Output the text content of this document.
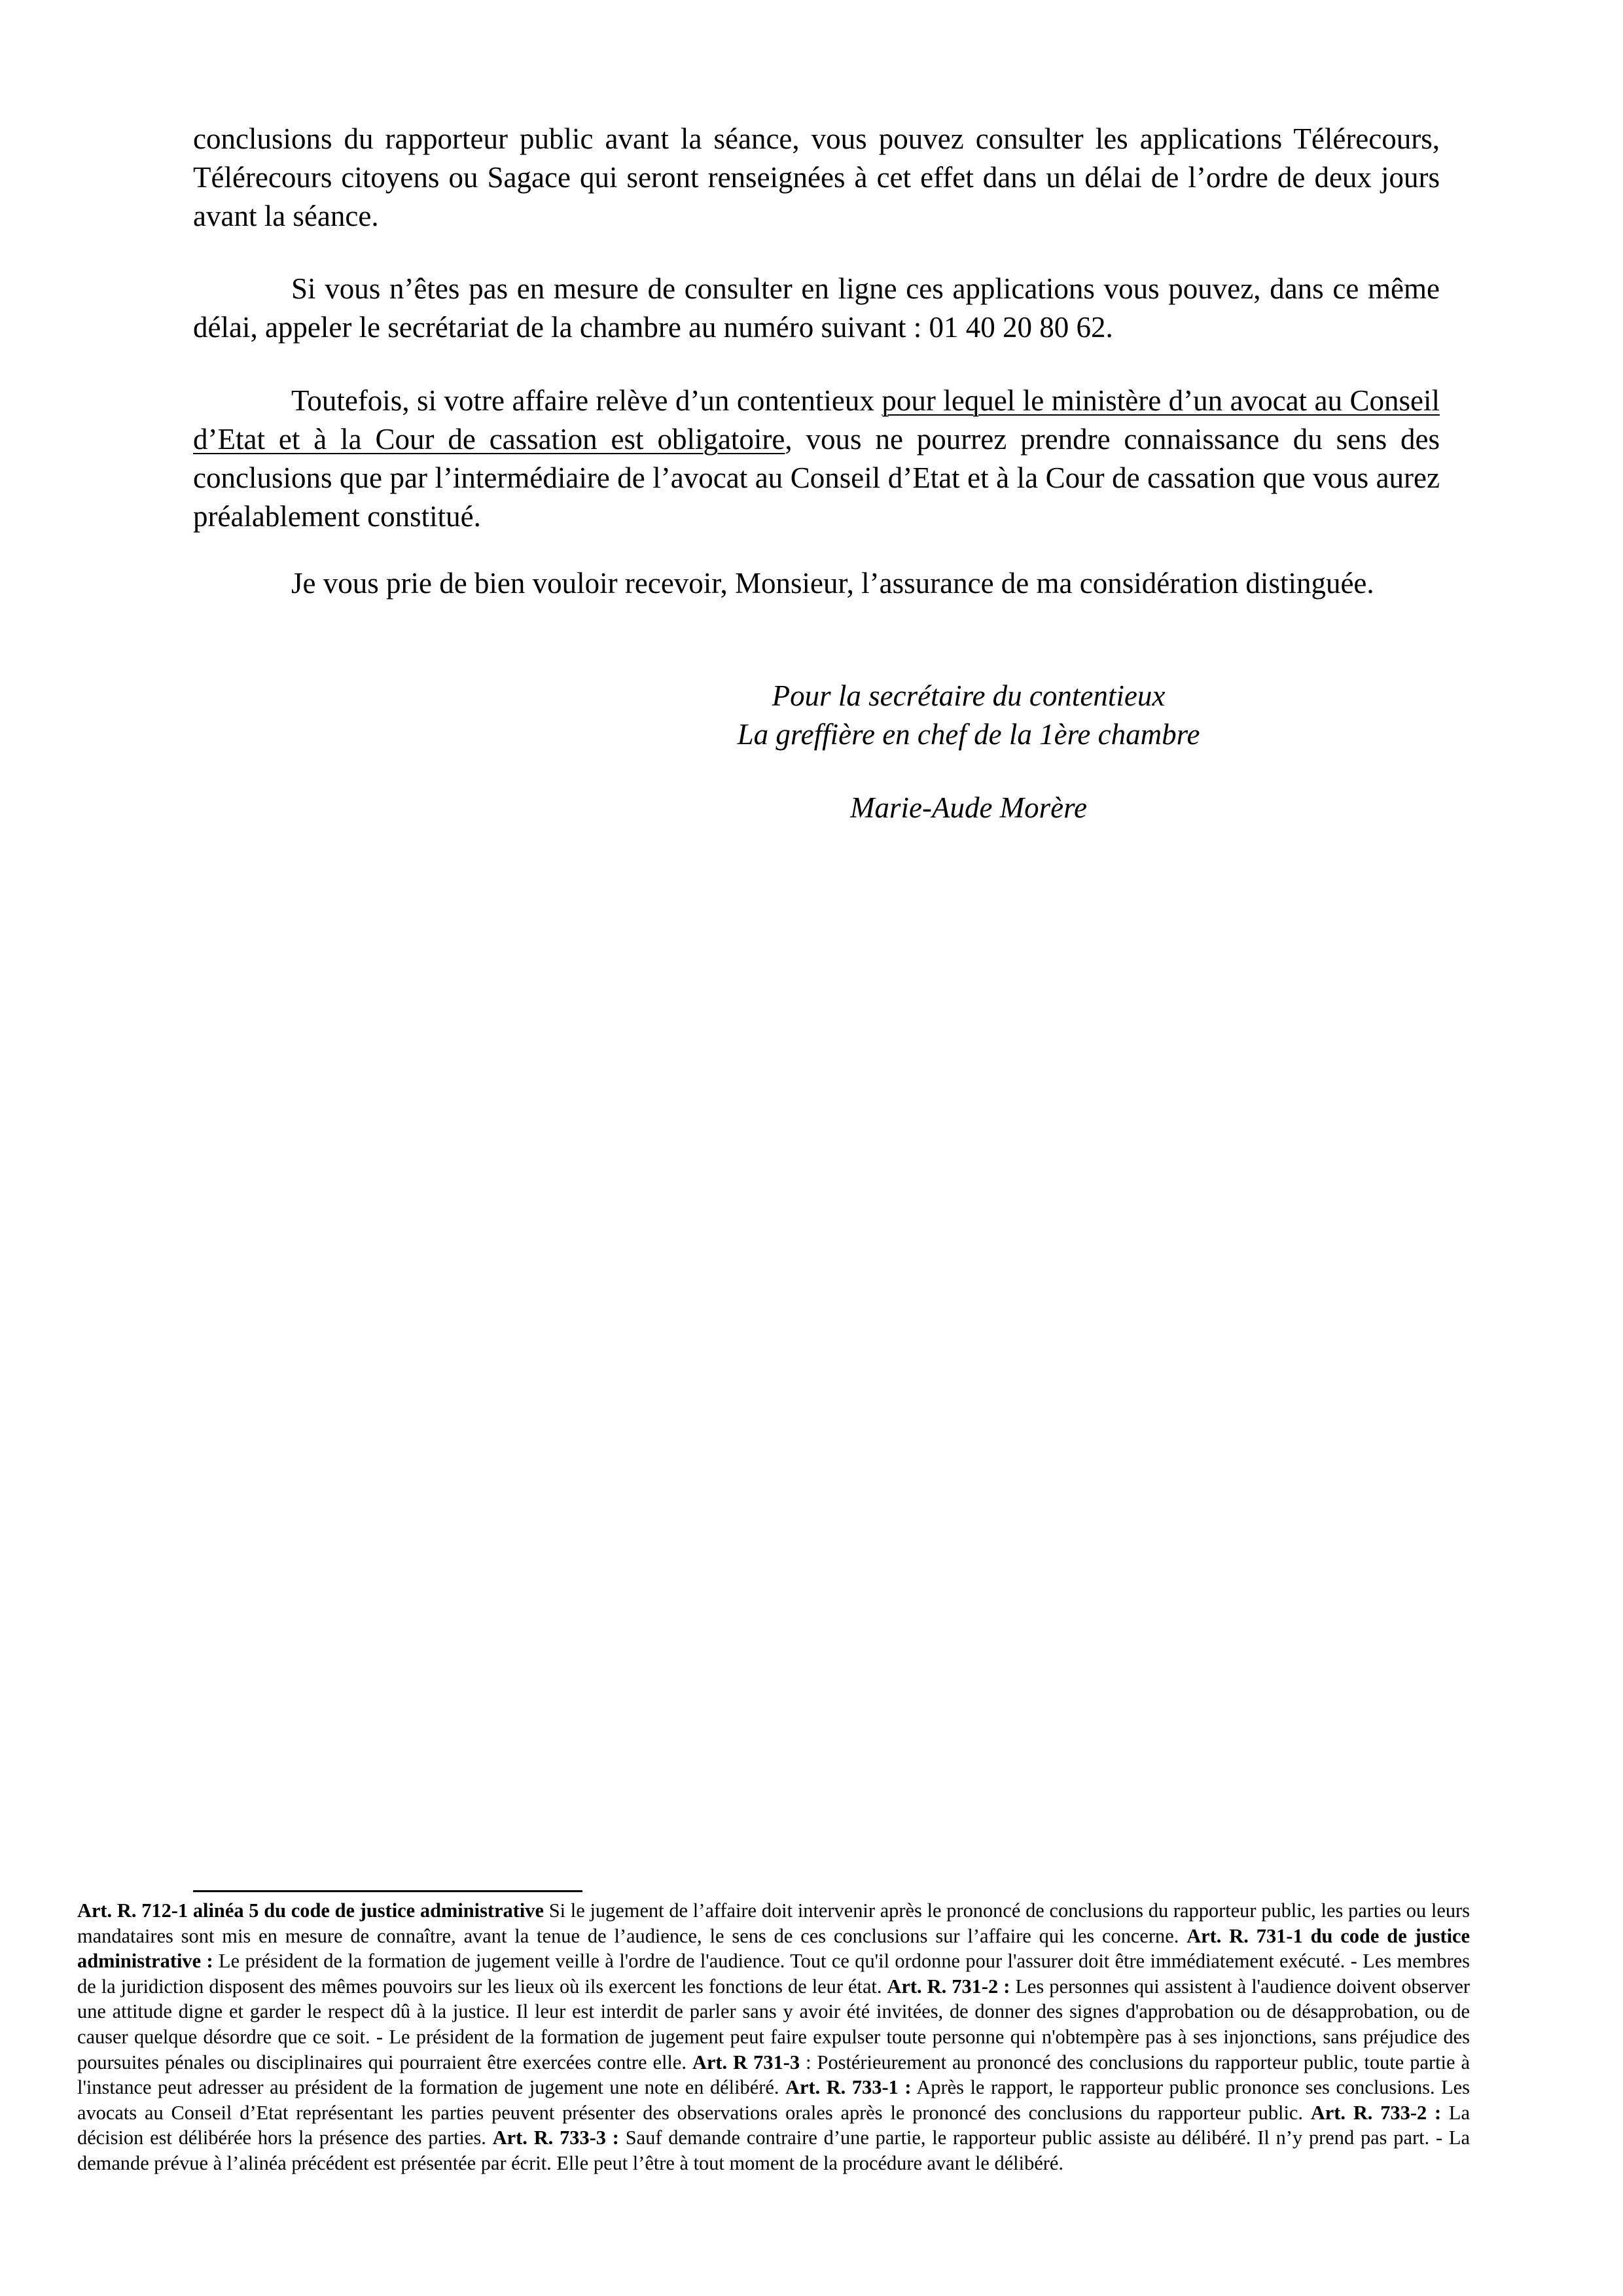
conclusions du rapporteur public avant la séance, vous pouvez consulter les applications Télérecours, Télérecours citoyens ou Sagace qui seront renseignées à cet effet dans un délai de l’ordre de deux jours avant la séance.

Si vous n’êtes pas en mesure de consulter en ligne ces applications vous pouvez, dans ce même délai, appeler le secrétariat de la chambre au numéro suivant : 01 40 20 80 62.

Toutefois, si votre affaire relève d’un contentieux pour lequel le ministère d’un avocat au Conseil d’Etat et à la Cour de cassation est obligatoire, vous ne pourrez prendre connaissance du sens des conclusions que par l’intermédiaire de l’avocat au Conseil d’Etat et à la Cour de cassation que vous aurez préalablement constitué.

Je vous prie de bien vouloir recevoir, Monsieur, l’assurance de ma considération distinguée.

Pour la secrétaire du contentieux

La greffière en chef de la 1ère chambre

Marie-Aude Morère

Art. R. 712-1 alinéa 5 du code de justice administrative Si le jugement de l’affaire doit intervenir après le prononcé de conclusions du rapporteur public, les parties ou leurs mandataires sont mis en mesure de connaître, avant la tenue de l’audience, le sens de ces conclusions sur l’affaire qui les concerne. Art. R. 731-1 du code de justice administrative : Le président de la formation de jugement veille à l'ordre de l'audience. Tout ce qu'il ordonne pour l'assurer doit être immédiatement exécuté. - Les membres de la juridiction disposent des mêmes pouvoirs sur les lieux où ils exercent les fonctions de leur état. Art. R. 731-2 : Les personnes qui assistent à l'audience doivent observer une attitude digne et garder le respect dû à la justice. Il leur est interdit de parler sans y avoir été invitées, de donner des signes d'approbation ou de désapprobation, ou de causer quelque désordre que ce soit. - Le président de la formation de jugement peut faire expulser toute personne qui n'obtempère pas à ses injonctions, sans préjudice des poursuites pénales ou disciplinaires qui pourraient être exercées contre elle. Art. R 731-3 : Postérieurement au prononcé des conclusions du rapporteur public, toute partie à l'instance peut adresser au président de la formation de jugement une note en délibéré. Art. R. 733-1 : Après le rapport, le rapporteur public prononce ses conclusions. Les avocats au Conseil d’Etat représentant les parties peuvent présenter des observations orales après le prononcé des conclusions du rapporteur public. Art. R. 733-2 : La décision est délibérée hors la présence des parties. Art. R. 733-3 : Sauf demande contraire d’une partie, le rapporteur public assiste au délibéré. Il n’y prend pas part. - La demande prévue à l’alinéa précédent est présentée par écrit. Elle peut l’être à tout moment de la procédure avant le délibéré.
